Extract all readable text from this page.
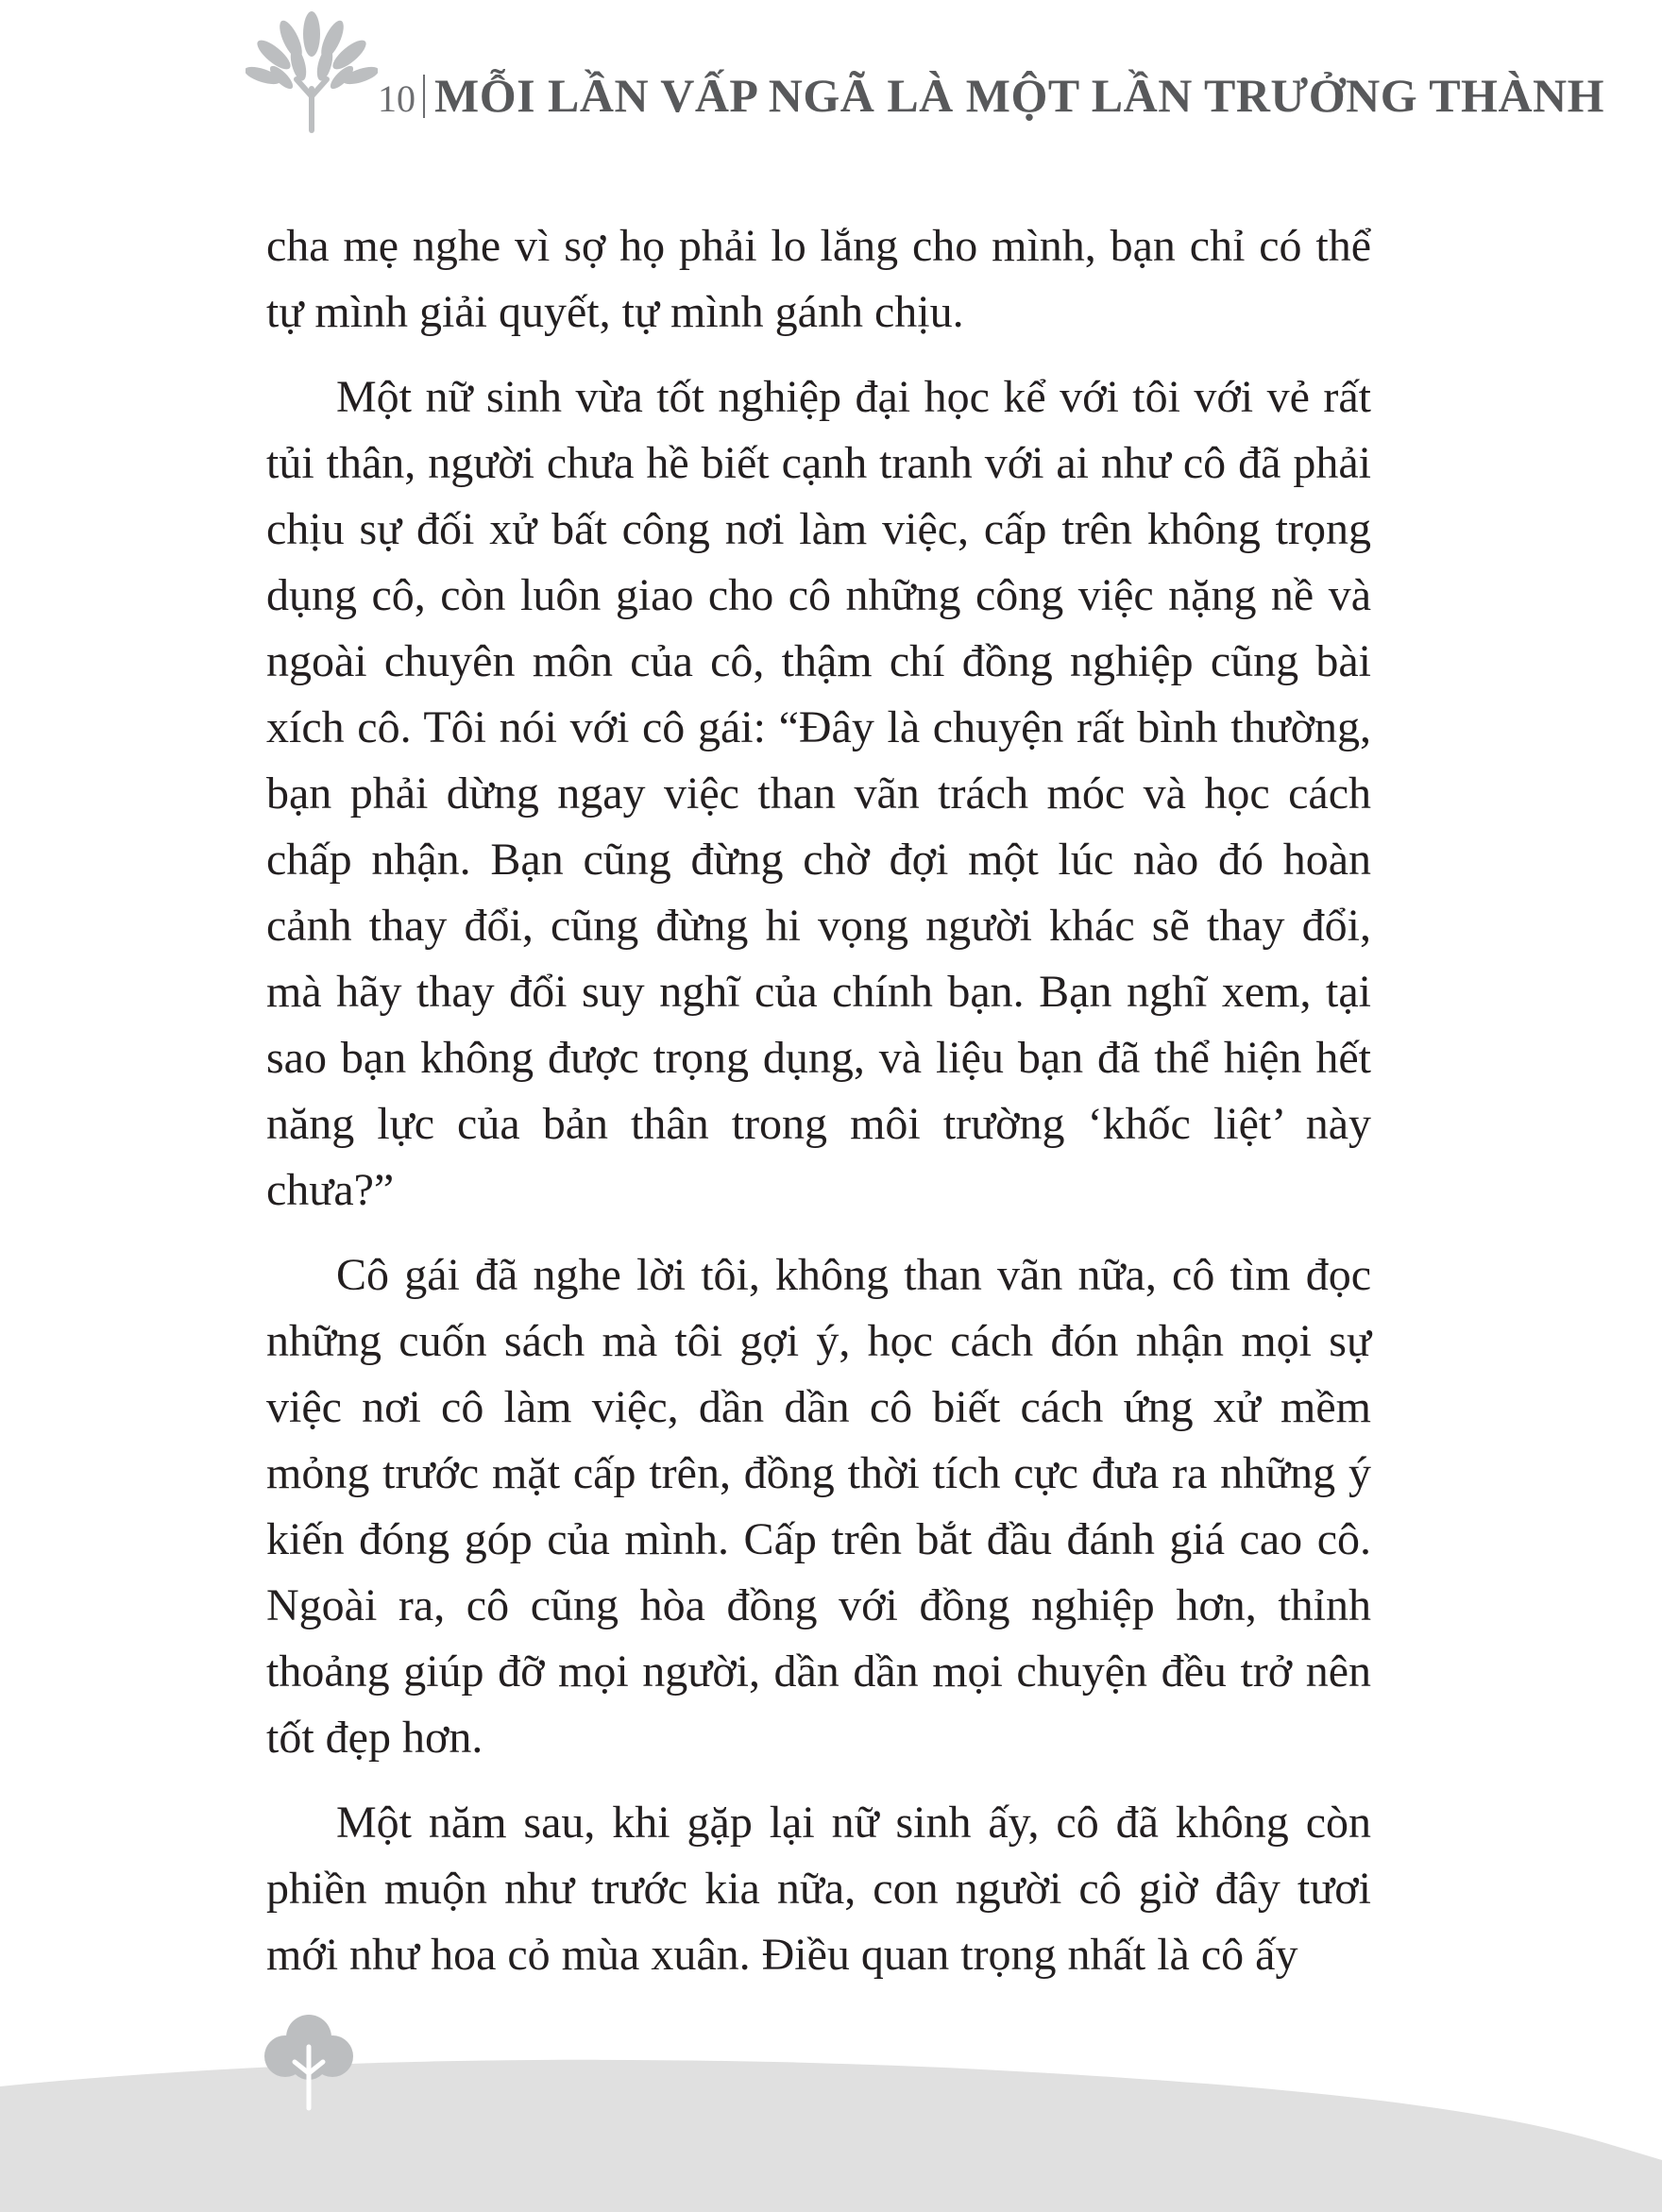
10 MỖI LẦN VẤP NGÃ LÀ MỘT LẦN TRƯỞNG THÀNH

cha mẹ nghe vì sợ họ phải lo lắng cho mình, bạn chỉ có thể tự mình giải quyết, tự mình gánh chịu.

Một nữ sinh vừa tốt nghiệp đại học kể với tôi với vẻ rất tủi thân, người chưa hề biết cạnh tranh với ai như cô đã phải chịu sự đối xử bất công nơi làm việc, cấp trên không trọng dụng cô, còn luôn giao cho cô những công việc nặng nề và ngoài chuyên môn của cô, thậm chí đồng nghiệp cũng bài xích cô. Tôi nói với cô gái: “Đây là chuyện rất bình thường, bạn phải dừng ngay việc than vãn trách móc và học cách chấp nhận. Bạn cũng đừng chờ đợi một lúc nào đó hoàn cảnh thay đổi, cũng đừng hi vọng người khác sẽ thay đổi, mà hãy thay đổi suy nghĩ của chính bạn. Bạn nghĩ xem, tại sao bạn không được trọng dụng, và liệu bạn đã thể hiện hết năng lực của bản thân trong môi trường ‘khốc liệt’ này chưa?”

Cô gái đã nghe lời tôi, không than vãn nữa, cô tìm đọc những cuốn sách mà tôi gợi ý, học cách đón nhận mọi sự việc nơi cô làm việc, dần dần cô biết cách ứng xử mềm mỏng trước mặt cấp trên, đồng thời tích cực đưa ra những ý kiến đóng góp của mình. Cấp trên bắt đầu đánh giá cao cô. Ngoài ra, cô cũng hòa đồng với đồng nghiệp hơn, thỉnh thoảng giúp đỡ mọi người, dần dần mọi chuyện đều trở nên tốt đẹp hơn.

Một năm sau, khi gặp lại nữ sinh ấy, cô đã không còn phiền muộn như trước kia nữa, con người cô giờ đây tươi mới như hoa cỏ mùa xuân. Điều quan trọng nhất là cô ấy
